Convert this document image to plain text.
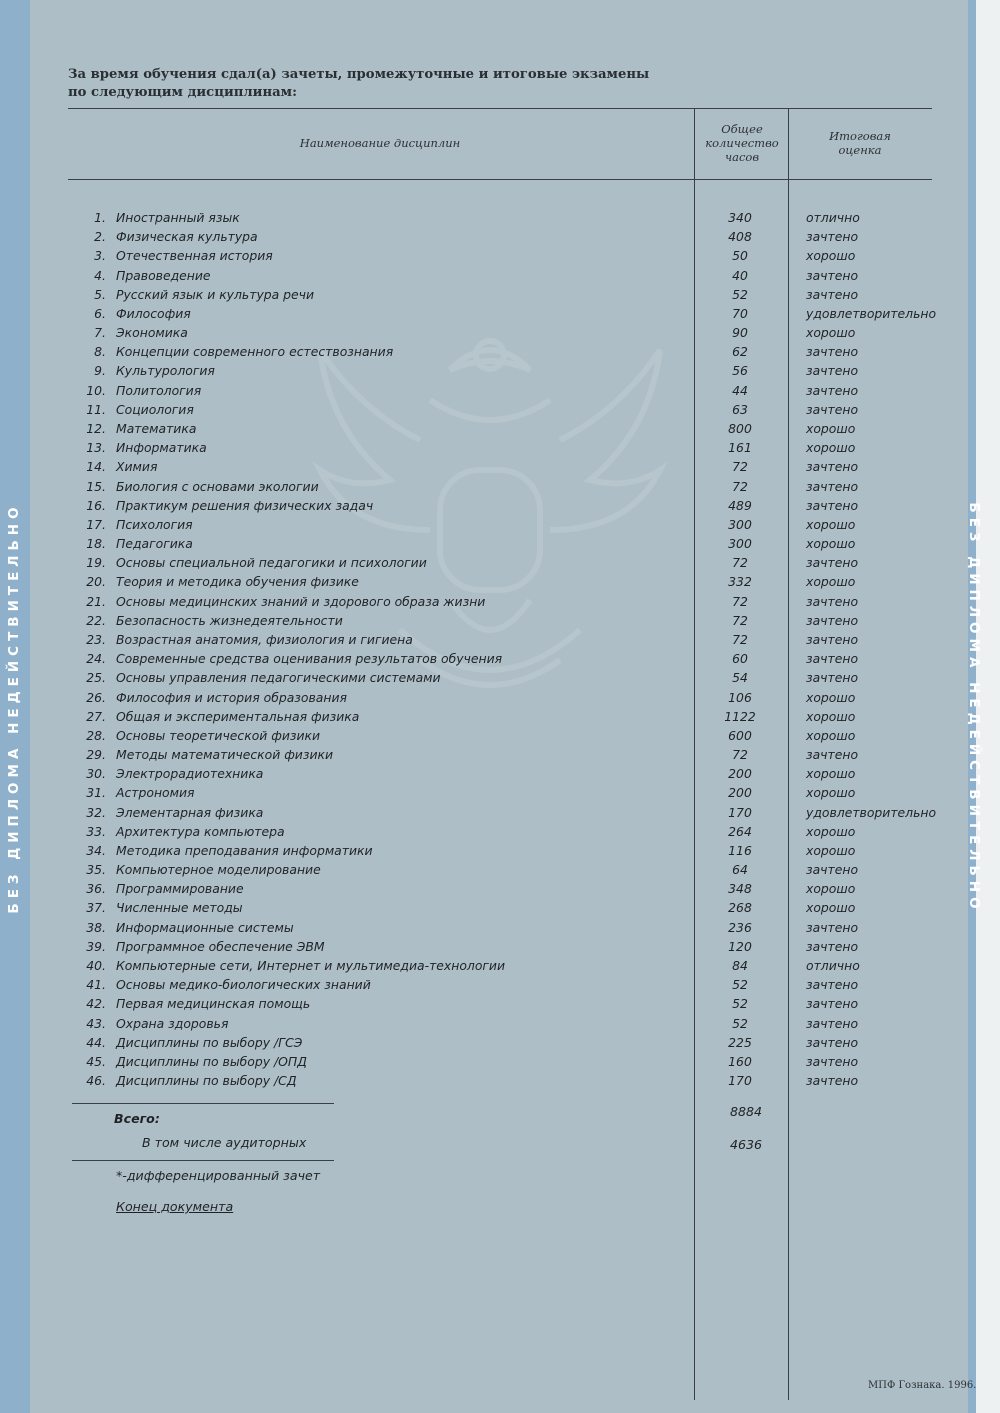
БЕЗ ДИПЛОМА НЕДЕЙСТВИТЕЛЬНО	БЕЗ ДИПЛОМА НЕДЕЙСТВИТЕЛЬНО
За время обучения сдал(а) зачеты, промежуточные и итоговые экзамены
по следующим дисциплинам:
Наименование дисциплин
Общее
количество
часов
Итоговая
оценка
1. Иностранный язык	340	отлично
2. Физическая культура	408	зачтено
3. Отечественная история	50	хорошо
4. Правоведение	40	зачтено
5. Русский язык и культура речи	52	зачтено
6. Философия	70	удовлетворительно
7. Экономика	90	хорошо
8. Концепции современного естествознания	62	зачтено
9. Культурология	56	зачтено
10. Политология	44	зачтено
11. Социология	63	зачтено
12. Математика	800	хорошо
13. Информатика	161	хорошо
14. Химия	72	зачтено
15. Биология с основами экологии	72	зачтено
16. Практикум решения физических задач	489	зачтено
17. Психология	300	хорошо
18. Педагогика	300	хорошо
19. Основы специальной педагогики и психологии	72	зачтено
20. Теория и методика обучения физике	332	хорошо
21. Основы медицинских знаний и здорового образа жизни	72	зачтено
22. Безопасность жизнедеятельности	72	зачтено
23. Возрастная анатомия, физиология и гигиена	72	зачтено
24. Современные средства оценивания результатов обучения	60	зачтено
25. Основы управления педагогическими системами	54	зачтено
26. Философия и история образования	106	хорошо
27. Общая и экспериментальная физика	1122	хорошо
28. Основы теоретической физики	600	хорошо
29. Методы математической физики	72	зачтено
30. Электрорадиотехника	200	хорошо
31. Астрономия	200	хорошо
32. Элементарная физика	170	удовлетворительно
33. Архитектура компьютера	264	хорошо
34. Методика преподавания информатики	116	хорошо
35. Компьютерное моделирование	64	зачтено
36. Программирование	348	хорошо
37. Численные методы	268	хорошо
38. Информационные системы	236	зачтено
39. Программное обеспечение ЭВМ	120	зачтено
40. Компьютерные сети, Интернет и мультимедиа-технологии	84	отлично
41. Основы медико-биологических знаний	52	зачтено
42. Первая медицинская помощь	52	зачтено
43. Охрана здоровья	52	зачтено
44. Дисциплины по выбору /ГСЭ	225	зачтено
45. Дисциплины по выбору /ОПД	160	зачтено
46. Дисциплины по выбору /СД	170	зачтено
Всего:	8884
В том числе аудиторных	4636
*-дифференцированный зачет
Конец документа
МПФ Гознака. 1996.
